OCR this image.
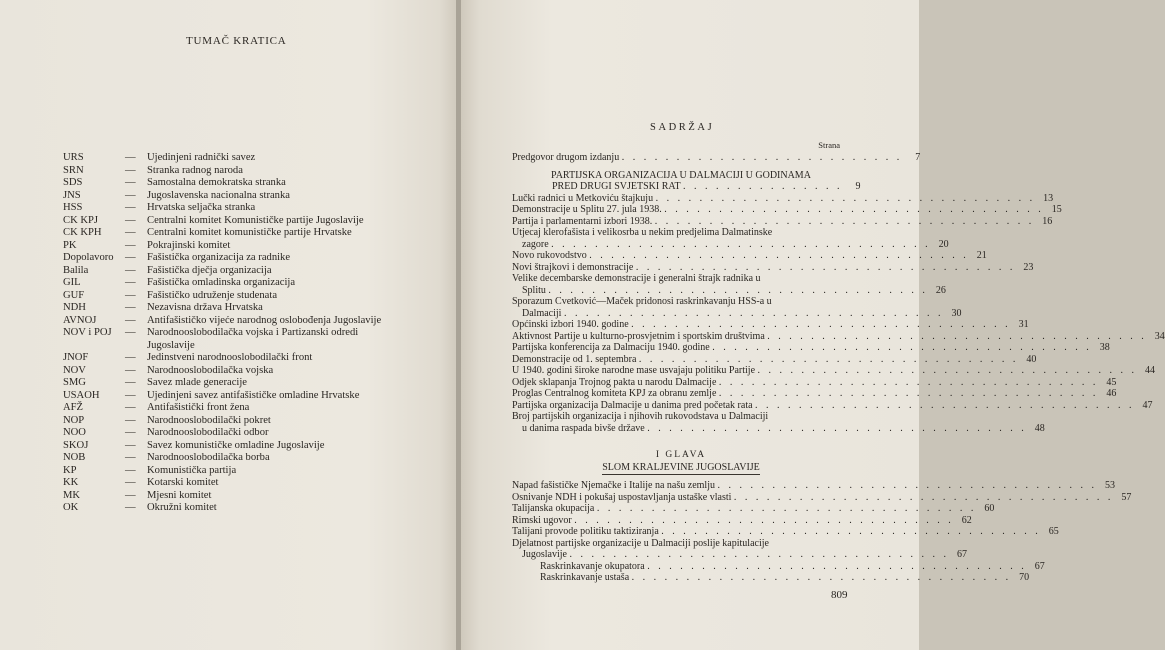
TUMAČ KRATICA
URS	—	Ujedinjeni radnički savez
SRN	—	Stranka radnog naroda
SDS	—	Samostalna demokratska stranka
JNS	—	Jugoslavenska nacionalna stranka
HSS	—	Hrvatska seljačka stranka
CK KPJ	—	Centralni komitet Komunističke partije Jugoslavije
CK KPH	—	Centralni komitet komunističke partije Hrvatske
PK	—	Pokrajinski komitet
Dopolavoro	—	Fašistička organizacija za radnike
Balila	—	Fašistička dječja organizacija
GIL	—	Fašistička omladinska organizacija
GUF	—	Fašističko udruženje studenata
NDH	—	Nezavisna država Hrvatska
AVNOJ	—	Antifašističko vijeće narodnog oslobođenja Jugoslavije
NOV i POJ	—	Narodnooslobodilačka vojska i Partizanski odredi Jugoslavije
JNOF	—	Jedinstveni narodnooslobodilački front
NOV	—	Narodnooslobodilačka vojska
SMG	—	Savez mlade generacije
USAOH	—	Ujedinjeni savez antifašističke omladine Hrvatske
AFŽ	—	Antifašistički front žena
NOP	—	Narodnooslobodilački pokret
NOO	—	Narodnooslobodilački odbor
SKOJ	—	Savez komunističke omladine Jugoslavije
NOB	—	Narodnooslobodilačka borba
KP	—	Komunistička partija
KK	—	Kotarski komitet
MK	—	Mjesni komitet
OK	—	Okružni komitet
SADRŽAJ
Strana
Predgovor drugom izdanju . . . . . . . . . . . . . . . . . . . . . . . . . .	7
PARTIJSKA ORGANIZACIJA U DALMACIJI U GODINAMA
PRED DRUGI SVJETSKI RAT . . . . . . . . . . . . . . .	9
Lučki radnici u Metkoviću štajkuju . . . . . . . . . . . . . . . . . . . . . . . . . . . . . . . . . . . 13
Demonstracije u Splitu 27. jula 1938. . . . . . . . . . . . . . . . . . . . . . . . . . . . . . . . . . . . 15
Partija i parlamentarni izbori 1938. . . . . . . . . . . . . . . . . . . . . . . . . . . . . . . . . . . . 16
Utjecaj klerofašista i velikosrba u nekim predjelima Dalmatinske
zagore . . . . . . . . . . . . . . . . . . . . . . . . . . . . . . . . . . . 20
Novo rukovodstvo . . . . . . . . . . . . . . . . . . . . . . . . . . . . . . . . . . . 21
Novi štrajkovi i demonstracije . . . . . . . . . . . . . . . . . . . . . . . . . . . . . . . . . . . 23
Velike decembarske demonstracije i generalni štrajk radnika u
Splitu . . . . . . . . . . . . . . . . . . . . . . . . . . . . . . . . . . . 26
Sporazum Cvetković—Maček pridonosi raskrinkavanju HSS-a u
Dalmaciji . . . . . . . . . . . . . . . . . . . . . . . . . . . . . . . . . . . 30
Općinski izbori 1940. godine . . . . . . . . . . . . . . . . . . . . . . . . . . . . . . . . . . . 31
Aktivnost Partije u kulturno-prosvjetnim i sportskim društvima . . . . . . . . . . . . . . . . . . . . . . . . . . . . . . . . . . . 34
Partijska konferencija za Dalmaciju 1940. godine . . . . . . . . . . . . . . . . . . . . . . . . . . . . . . . . . . . 38
Demonstracije od 1. septembra . . . . . . . . . . . . . . . . . . . . . . . . . . . . . . . . . . . 40
U 1940. godini široke narodne mase usvajaju politiku Partije . . . . . . . . . . . . . . . . . . . . . . . . . . . . . . . . . . . 44
Odjek sklapanja Trojnog pakta u narodu Dalmacije . . . . . . . . . . . . . . . . . . . . . . . . . . . . . . . . . . . 45
Proglas Centralnog komiteta KPJ za obranu zemlje . . . . . . . . . . . . . . . . . . . . . . . . . . . . . . . . . . . 46
Partijska organizacija Dalmacije u danima pred početak rata . . . . . . . . . . . . . . . . . . . . . . . . . . . . . . . . . . . 47
Broj partijskih organizacija i njihovih rukovodstava u Dalmaciji
u danima raspada bivše države . . . . . . . . . . . . . . . . . . . . . . . . . . . . . . . . . . . 48
I GLAVA
SLOM KRALJEVINE JUGOSLAVIJE
Napad fašističke Njemačke i Italije na našu zemlju . . . . . . . . . . . . . . . . . . . . . . . . . . . . . . . . . . . 53
Osnivanje NDH i pokušaj uspostavljanja ustaške vlasti . . . . . . . . . . . . . . . . . . . . . . . . . . . . . . . . . . . 57
Talijanska okupacija . . . . . . . . . . . . . . . . . . . . . . . . . . . . . . . . . . . 60
Rimski ugovor . . . . . . . . . . . . . . . . . . . . . . . . . . . . . . . . . . . 62
Talijani provode politiku taktiziranja . . . . . . . . . . . . . . . . . . . . . . . . . . . . . . . . . . . 65
Djelatnost partijske organizacije u Dalmaciji poslije kapitulacije
Jugoslavije . . . . . . . . . . . . . . . . . . . . . . . . . . . . . . . . . . . 67
Raskrinkavanje okupatora . . . . . . . . . . . . . . . . . . . . . . . . . . . . . . . . . . . 67
Raskrinkavanje ustaša . . . . . . . . . . . . . . . . . . . . . . . . . . . . . . . . . . . 70
809
